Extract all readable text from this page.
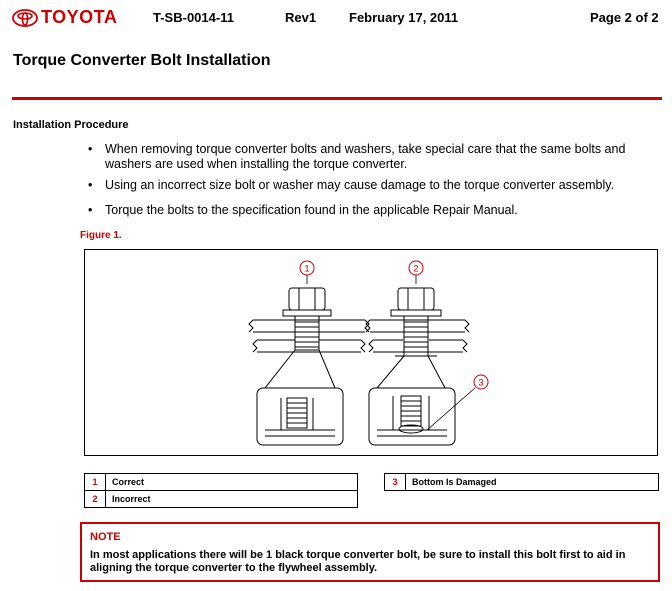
TOYOTA	T-SB-0014-11	Rev1	February 17, 2011	Page 2 of 2
Torque Converter Bolt Installation
Installation Procedure
• When removing torque converter bolts and washers, take special care that the same bolts and washers are used when installing the torque converter.
• Using an incorrect size bolt or washer may cause damage to the torque converter assembly.
• Torque the bolts to the specification found in the applicable Repair Manual.
Figure 1.
1	2
3
1	Correct
2	Incorrect
3	Bottom Is Damaged
NOTE
In most applications there will be 1 black torque converter bolt, be sure to install this bolt first to aid in aligning the torque converter to the flywheel assembly.
